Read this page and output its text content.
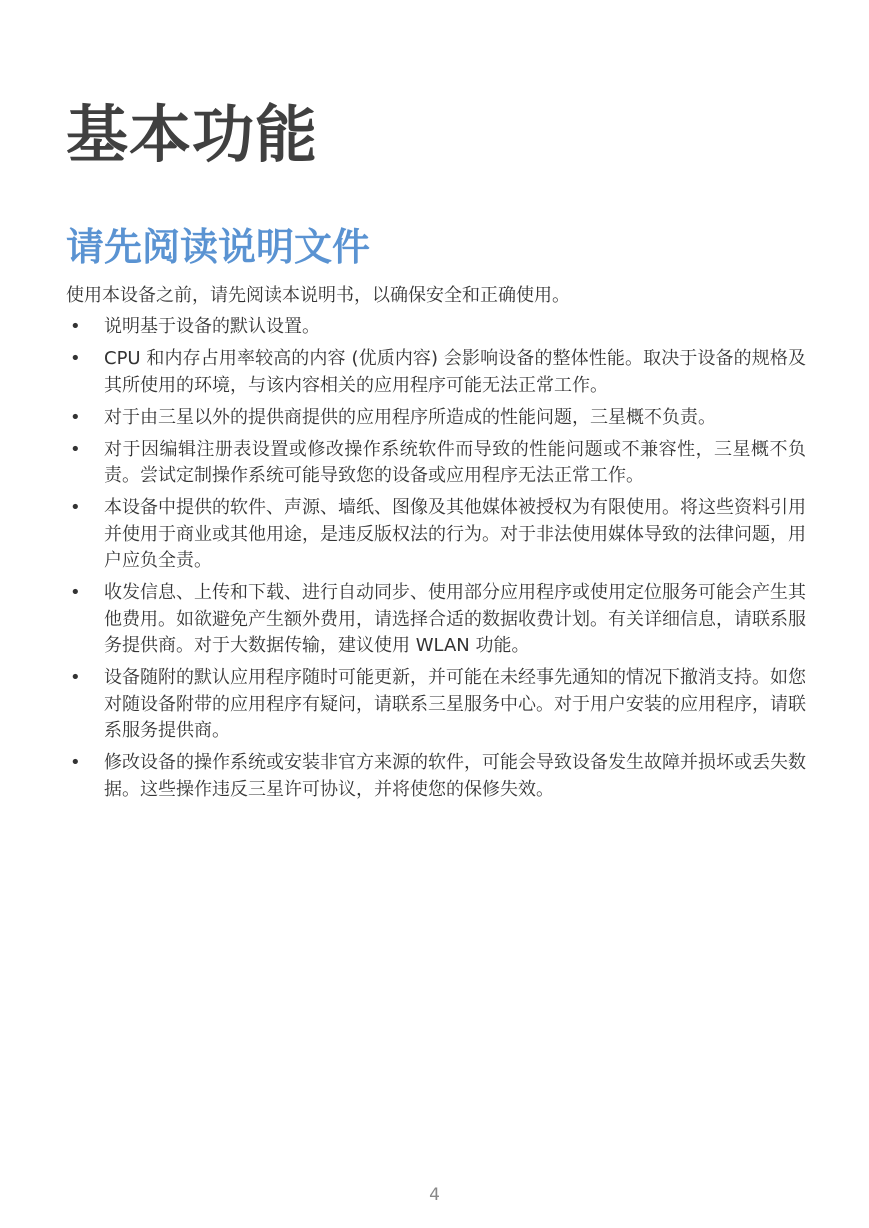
基本功能
请先阅读说明文件

使用本设备之前，请先阅读本说明书，以确保安全和正确使用。

• 说明基于设备的默认设置。
• CPU 和内存占用率较高的内容 (优质内容) 会影响设备的整体性能。取决于设备的规格及其所使用的环境，与该内容相关的应用程序可能无法正常工作。
• 对于由三星以外的提供商提供的应用程序所造成的性能问题，三星概不负责。
• 对于因编辑注册表设置或修改操作系统软件而导致的性能问题或不兼容性，三星概不负责。尝试定制操作系统可能导致您的设备或应用程序无法正常工作。
• 本设备中提供的软件、声源、墙纸、图像及其他媒体被授权为有限使用。将这些资料引用并使用于商业或其他用途，是违反版权法的行为。对于非法使用媒体导致的法律问题，用户应负全责。
• 收发信息、上传和下载、进行自动同步、使用部分应用程序或使用定位服务可能会产生其他费用。如欲避免产生额外费用，请选择合适的数据收费计划。有关详细信息，请联系服务提供商。对于大数据传输，建议使用 WLAN 功能。
• 设备随附的默认应用程序随时可能更新，并可能在未经事先通知的情况下撤消支持。如您对随设备附带的应用程序有疑问，请联系三星服务中心。对于用户安装的应用程序，请联系服务提供商。
• 修改设备的操作系统或安装非官方来源的软件，可能会导致设备发生故障并损坏或丢失数据。这些操作违反三星许可协议，并将使您的保修失效。
4
